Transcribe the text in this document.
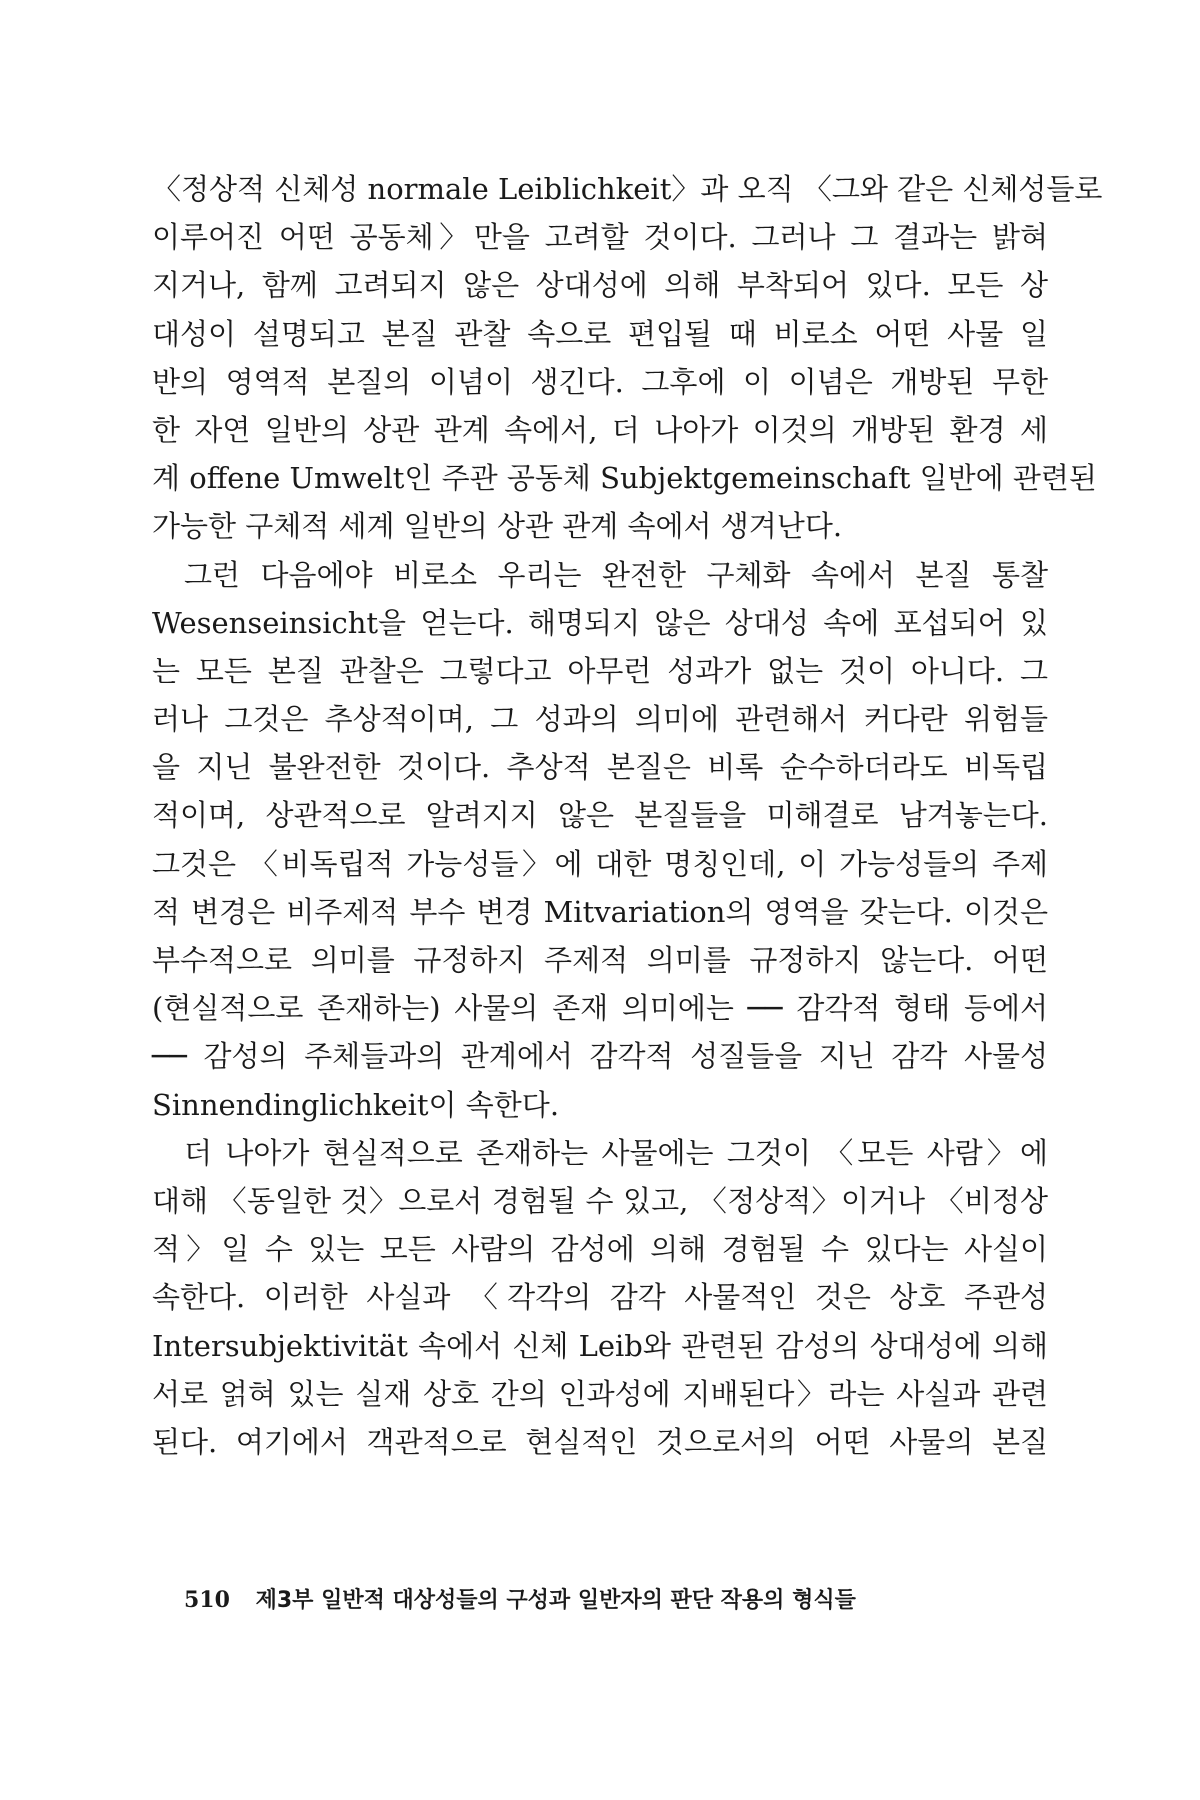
〈정상적 신체성 normale Leiblichkeit〉과 오직 〈그와 같은 신체성들로
이루어진 어떤 공동체〉만을 고려할 것이다. 그러나 그 결과는 밝혀
지거나, 함께 고려되지 않은 상대성에 의해 부착되어 있다. 모든 상
대성이 설명되고 본질 관찰 속으로 편입될 때 비로소 어떤 사물 일
반의 영역적 본질의 이념이 생긴다. 그후에 이 이념은 개방된 무한
한 자연 일반의 상관 관계 속에서, 더 나아가 이것의 개방된 환경 세
계 offene Umwelt인 주관 공동체 Subjektgemeinschaft 일반에 관련된
가능한 구체적 세계 일반의 상관 관계 속에서 생겨난다.
그런 다음에야 비로소 우리는 완전한 구체화 속에서 본질 통찰
Wesenseinsicht을 얻는다. 해명되지 않은 상대성 속에 포섭되어 있
는 모든 본질 관찰은 그렇다고 아무런 성과가 없는 것이 아니다. 그
러나 그것은 추상적이며, 그 성과의 의미에 관련해서 커다란 위험들
을 지닌 불완전한 것이다. 추상적 본질은 비록 순수하더라도 비독립
적이며, 상관적으로 알려지지 않은 본질들을 미해결로 남겨놓는다.
그것은 〈비독립적 가능성들〉에 대한 명칭인데, 이 가능성들의 주제
적 변경은 비주제적 부수 변경 Mitvariation의 영역을 갖는다. 이것은
부수적으로 의미를 규정하지 주제적 의미를 규정하지 않는다. 어떤
(현실적으로 존재하는) 사물의 존재 의미에는 ── 감각적 형태 등에서
── 감성의 주체들과의 관계에서 감각적 성질들을 지닌 감각 사물성
Sinnendinglichkeit이 속한다.
더 나아가 현실적으로 존재하는 사물에는 그것이 〈모든 사람〉에
대해 〈동일한 것〉으로서 경험될 수 있고, 〈정상적〉이거나 〈비정상
적〉일 수 있는 모든 사람의 감성에 의해 경험될 수 있다는 사실이
속한다. 이러한 사실과 〈각각의 감각 사물적인 것은 상호 주관성
Intersubjektivität 속에서 신체 Leib와 관련된 감성의 상대성에 의해
서로 얽혀 있는 실재 상호 간의 인과성에 지배된다〉라는 사실과 관련
된다. 여기에서 객관적으로 현실적인 것으로서의 어떤 사물의 본질
510 제3부 일반적 대상성들의 구성과 일반자의 판단 작용의 형식들
